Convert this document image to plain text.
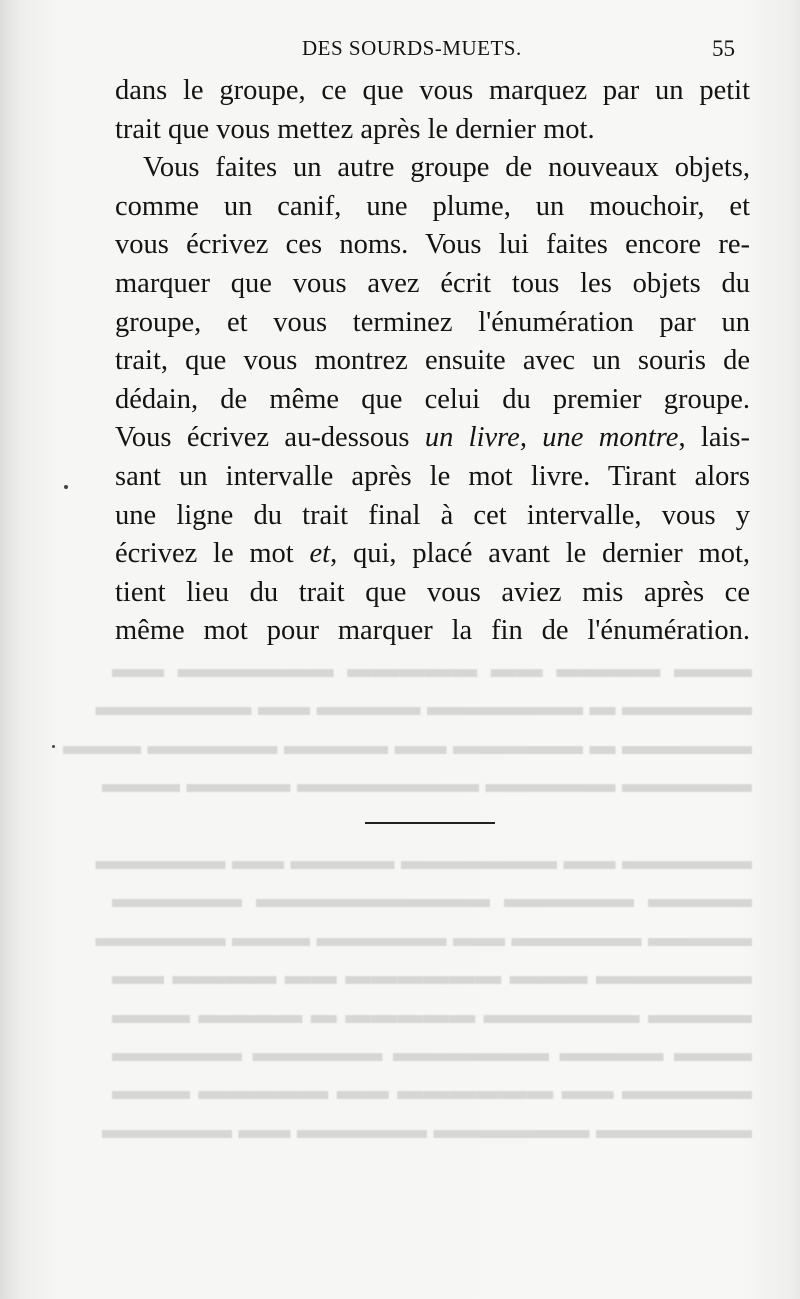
DES SOURDS-MUETS.	55
dans le groupe, ce que vous marquez par un petit
trait que vous mettez après le dernier mot.
Vous faites un autre groupe de nouveaux objets,
comme un canif, une plume, un mouchoir, et
vous écrivez ces noms. Vous lui faites encore re-
marquer que vous avez écrit tous les objets du
groupe, et vous terminez l'énumération par un
trait, que vous montrez ensuite avec un souris de
dédain, de même que celui du premier groupe.
Vous écrivez au-dessous un livre, une montre, lais-
sant un intervalle après le mot livre. Tirant alors
une ligne du trait final à cet intervalle, vous y
écrivez le mot et, qui, placé avant le dernier mot,
tient lieu du trait que vous aviez mis après ce
même mot pour marquer la fin de l'énumération.
▬▬▬ ▬▬▬▬ ▬▬ ▬▬▬▬▬ ▬▬▬▬▬▬ ▬▬
▬▬▬▬▬ ▬ ▬▬▬▬▬▬ ▬▬▬▬ ▬▬ ▬▬▬▬▬▬
▬▬▬▬▬ ▬ ▬▬▬▬▬ ▬▬ ▬▬▬▬ ▬▬▬▬▬ ▬▬▬
▬▬▬▬▬ ▬▬▬▬▬ ▬▬▬▬▬▬▬ ▬▬▬▬ ▬▬▬

▬▬▬▬▬ ▬▬ ▬▬▬▬▬▬ ▬▬▬▬ ▬▬ ▬▬▬▬▬
▬▬▬▬ ▬▬▬▬▬ ▬▬▬▬▬▬▬▬▬ ▬▬▬▬▬
▬▬▬▬ ▬▬▬▬▬ ▬▬ ▬▬▬▬▬ ▬▬▬ ▬▬▬▬▬
▬▬▬▬▬▬ ▬▬▬ ▬▬▬▬▬▬ ▬▬ ▬▬▬▬ ▬▬
▬▬▬▬ ▬▬▬▬▬▬ ▬▬▬▬▬ ▬ ▬▬▬▬ ▬▬▬
▬▬▬ ▬▬▬▬ ▬▬▬▬▬▬ ▬▬▬▬▬ ▬▬▬▬▬
▬▬▬▬▬ ▬▬ ▬▬▬▬▬▬ ▬▬ ▬▬▬▬▬ ▬▬▬
▬▬▬▬▬▬ ▬▬▬▬▬▬ ▬▬▬▬▬ ▬▬ ▬▬▬▬▬
